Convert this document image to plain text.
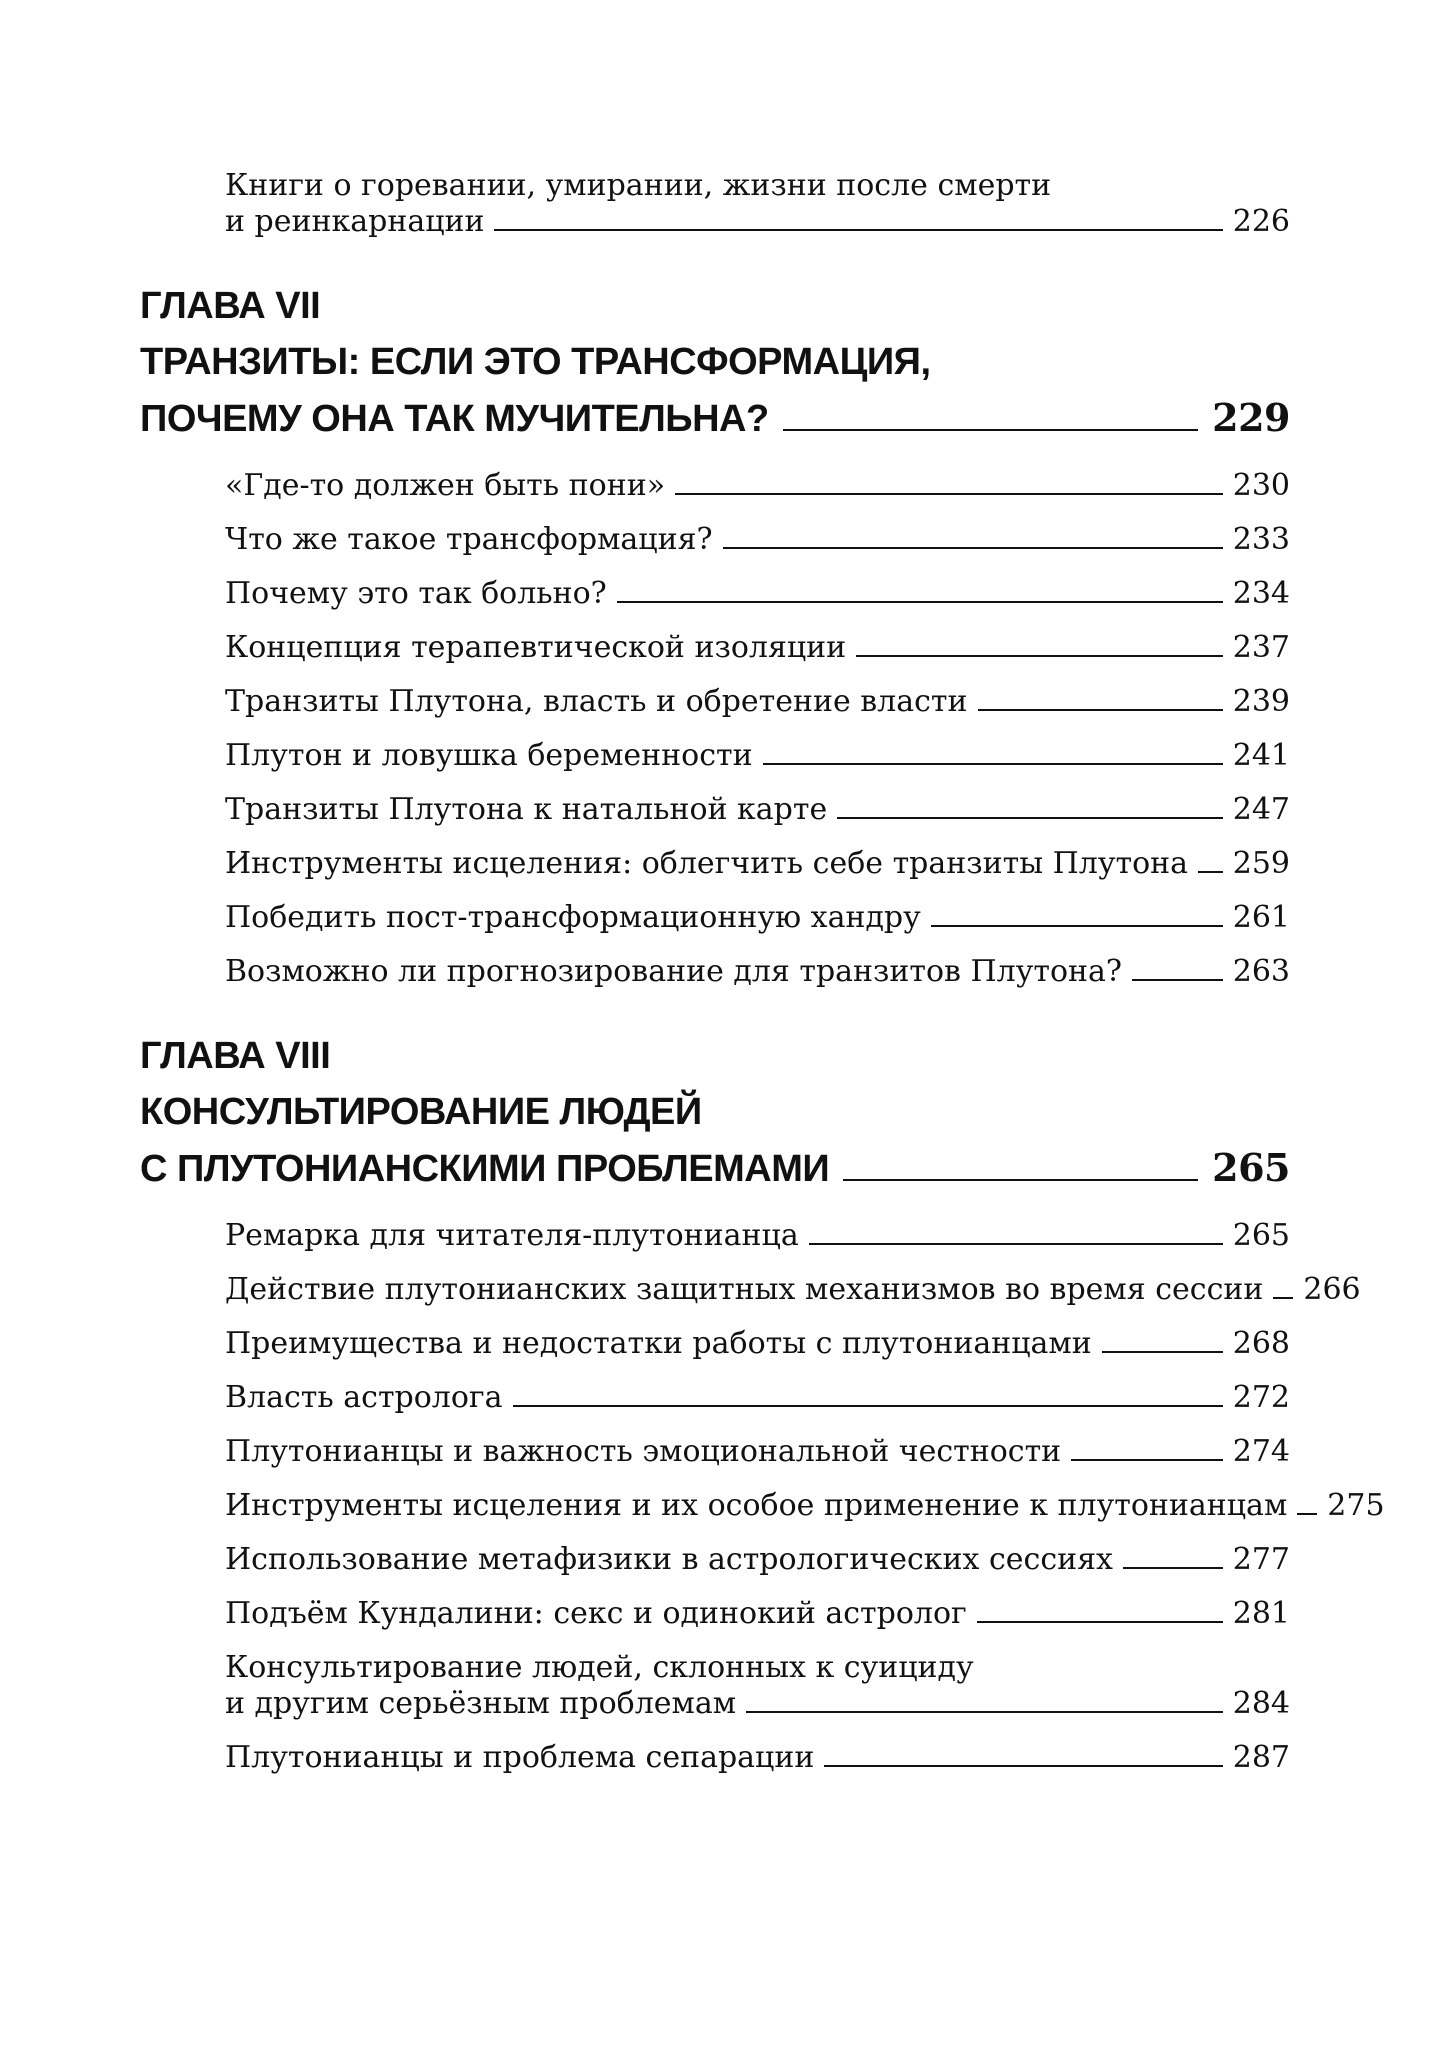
Книги о горевании, умирании, жизни после смерти
и реинкарнации	226
ГЛАВА VII
ТРАНЗИТЫ: ЕСЛИ ЭТО ТРАНСФОРМАЦИЯ,
ПОЧЕМУ ОНА ТАК МУЧИТЕЛЬНА?	229
«Где-то должен быть пони»	230
Что же такое трансформация?	233
Почему это так больно?	234
Концепция терапевтической изоляции	237
Транзиты Плутона, власть и обретение власти	239
Плутон и ловушка беременности	241
Транзиты Плутона к натальной карте	247
Инструменты исцеления: облегчить себе транзиты Плутона 259
Победить пост-трансформационную хандру	261
Возможно ли прогнозирование для транзитов Плутона?	263
ГЛАВА VIII
КОНСУЛЬТИРОВАНИЕ ЛЮДЕЙ
С ПЛУТОНИАНСКИМИ ПРОБЛЕМАМИ	265
Ремарка для читателя-плутонианца	265
Действие плутонианских защитных механизмов во время сессии 266
Преимущества и недостатки работы с плутонианцами	268
Власть астролога	272
Плутонианцы и важность эмоциональной честности	274
Инструменты исцеления и их особое применение к плутонианцам 275
Использование метафизики в астрологических сессиях	277
Подъём Кундалини: секс и одинокий астролог	281
Консультирование людей, склонных к суициду
и другим серьёзным проблемам	284
Плутонианцы и проблема сепарации	287
